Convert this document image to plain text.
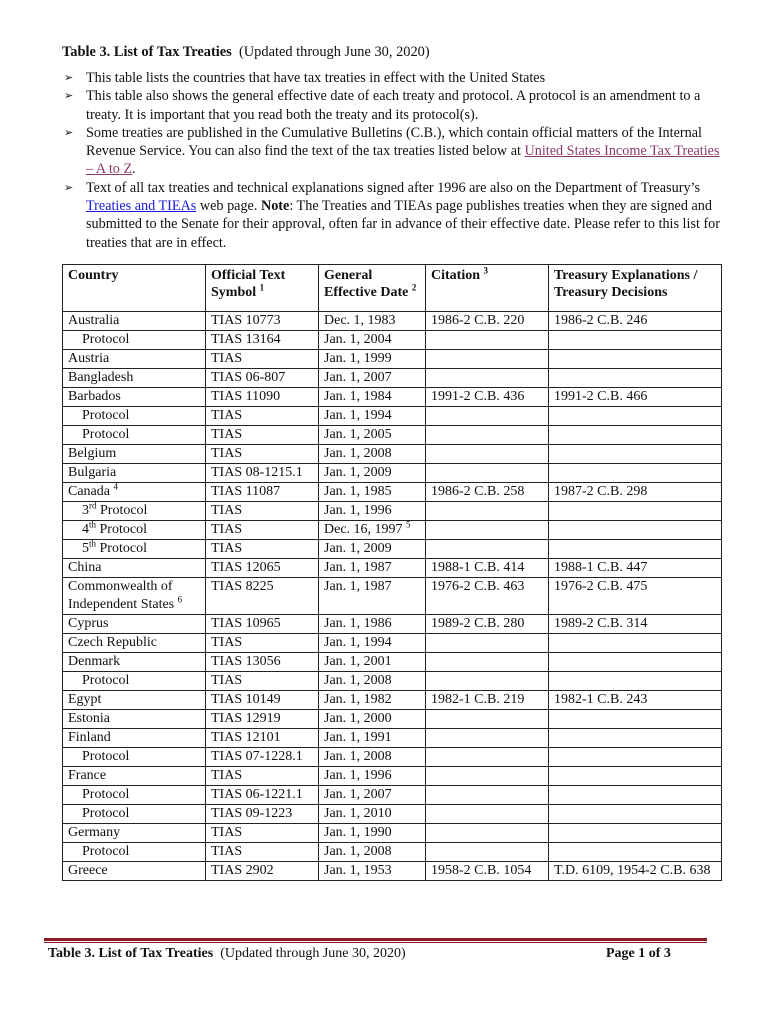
Table 3. List of Tax Treaties (Updated through June 30, 2020)
➢ This table lists the countries that have tax treaties in effect with the United States
➢ This table also shows the general effective date of each treaty and protocol. A protocol is an amendment to a treaty. It is important that you read both the treaty and its protocol(s).
➢ Some treaties are published in the Cumulative Bulletins (C.B.), which contain official matters of the Internal Revenue Service. You can also find the text of the tax treaties listed below at United States Income Tax Treaties – A to Z.
➢ Text of all tax treaties and technical explanations signed after 1996 are also on the Department of Treasury’s Treaties and TIEAs web page. Note: The Treaties and TIEAs page publishes treaties when they are signed and submitted to the Senate for their approval, often far in advance of their effective date. Please refer to this list for treaties that are in effect.
Country	Official Text Symbol $^1$	General Effective Date $^2$	Citation $^3$	Treasury Explanations / Treasury Decisions
Australia	TIAS 10773	Dec. 1, 1983	1986-2 C.B. 220	1986-2 C.B. 246
Protocol	TIAS 13164	Jan. 1, 2004		
Austria	TIAS	Jan. 1, 1999		
Bangladesh	TIAS 06-807	Jan. 1, 2007		
Barbados	TIAS 11090	Jan. 1, 1984	1991-2 C.B. 436	1991-2 C.B. 466
Protocol	TIAS	Jan. 1, 1994		
Protocol	TIAS	Jan. 1, 2005		
Belgium	TIAS	Jan. 1, 2008		
Bulgaria	TIAS 08-1215.1	Jan. 1, 2009		
Canada $^4$	TIAS 11087	Jan. 1, 1985	1986-2 C.B. 258	1987-2 C.B. 298
3rd Protocol	TIAS	Jan. 1, 1996		
4th Protocol	TIAS	Dec. 16, 1997 $^5$		
5th Protocol	TIAS	Jan. 1, 2009		
China	TIAS 12065	Jan. 1, 1987	1988-1 C.B. 414	1988-1 C.B. 447
Commonwealth of Independent States $^6$	TIAS 8225	Jan. 1, 1987	1976-2 C.B. 463	1976-2 C.B. 475
Cyprus	TIAS 10965	Jan. 1, 1986	1989-2 C.B. 280	1989-2 C.B. 314
Czech Republic	TIAS	Jan. 1, 1994		
Denmark	TIAS 13056	Jan. 1, 2001		
Protocol	TIAS	Jan. 1, 2008		
Egypt	TIAS 10149	Jan. 1, 1982	1982-1 C.B. 219	1982-1 C.B. 243
Estonia	TIAS 12919	Jan. 1, 2000		
Finland	TIAS 12101	Jan. 1, 1991		
Protocol	TIAS 07-1228.1	Jan. 1, 2008		
France	TIAS	Jan. 1, 1996		
Protocol	TIAS 06-1221.1	Jan. 1, 2007		
Protocol	TIAS 09-1223	Jan. 1, 2010		
Germany	TIAS	Jan. 1, 1990		
Protocol	TIAS	Jan. 1, 2008		
Greece	TIAS 2902	Jan. 1, 1953	1958-2 C.B. 1054	T.D. 6109, 1954-2 C.B. 638
Table 3. List of Tax Treaties (Updated through June 30, 2020)	Page 1 of 3
